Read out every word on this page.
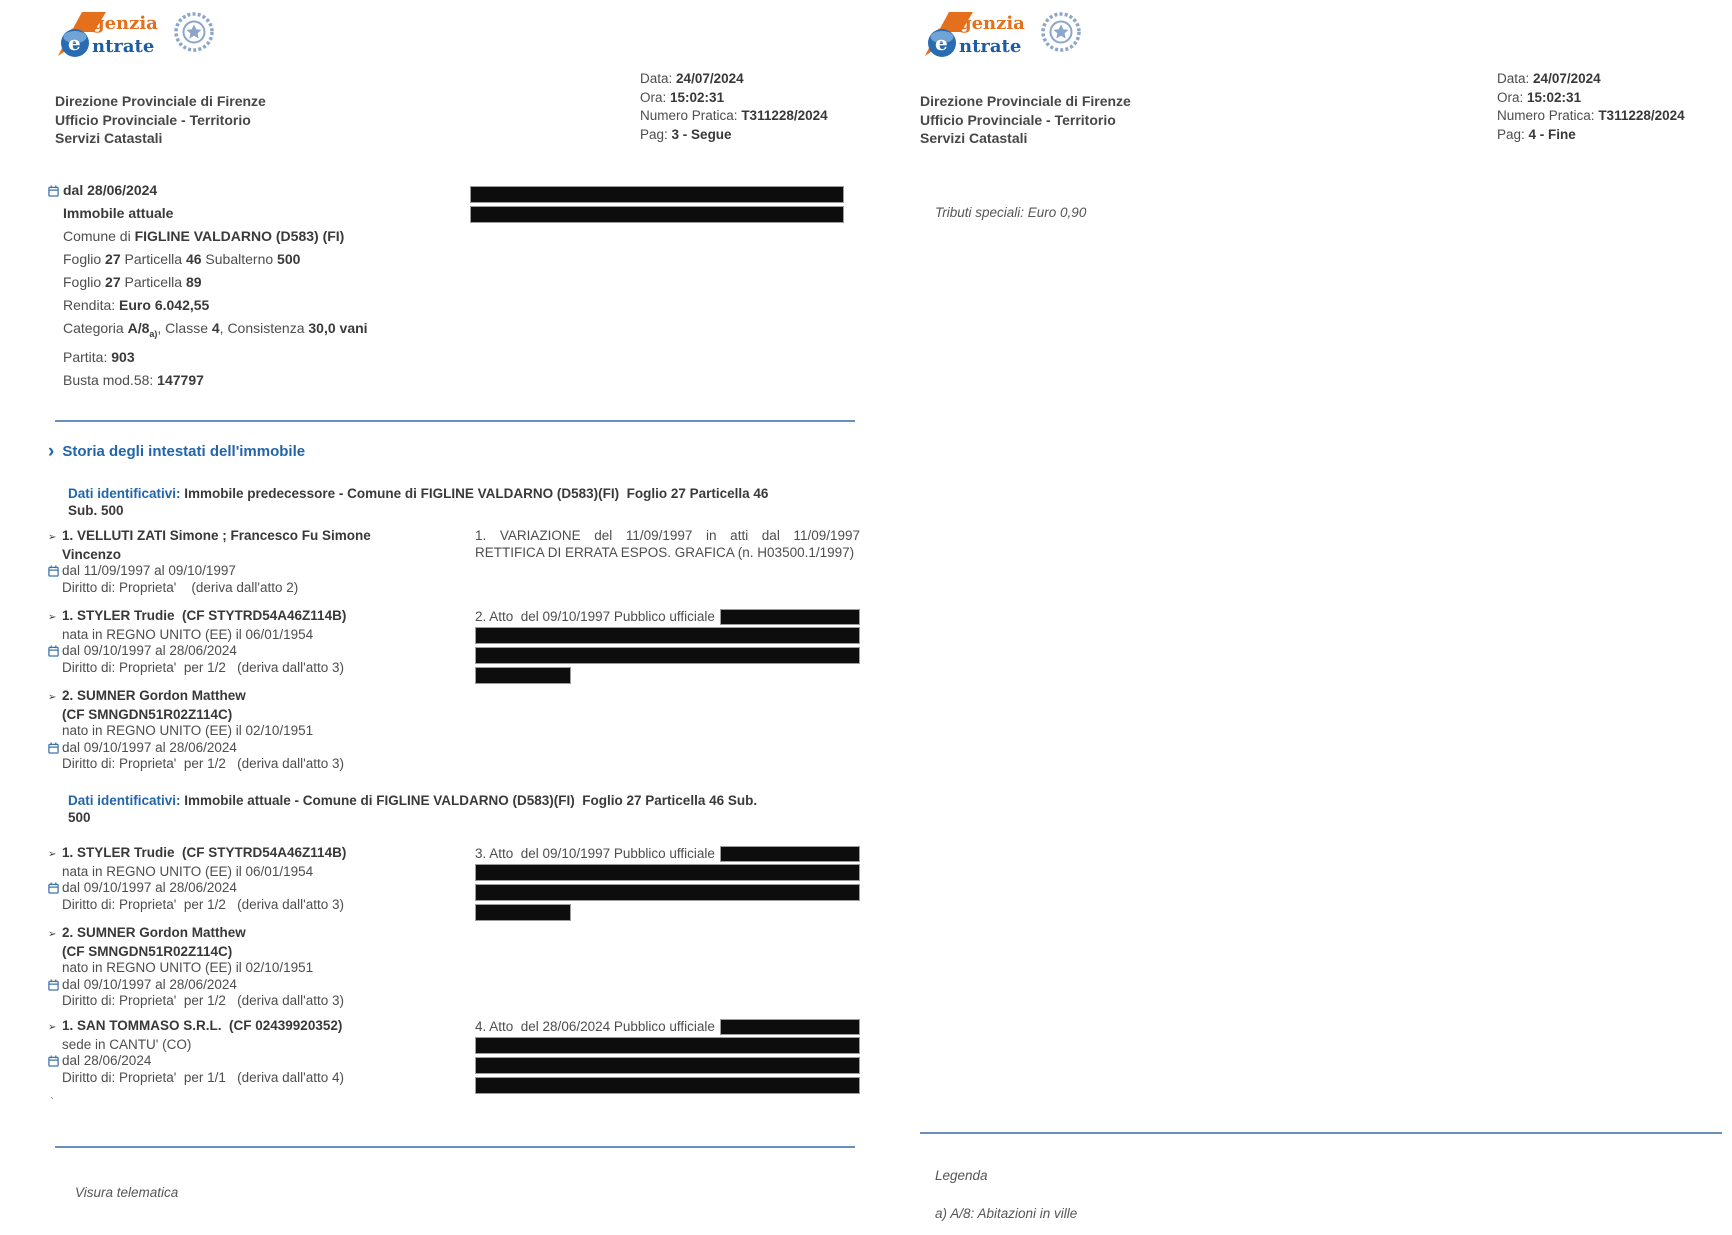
e
genzia
ntrate
Direzione Provinciale di Firenze
Ufficio Provinciale - Territorio
Servizi Catastali
Data: 24/07/2024
Ora: 15:02:31
Numero Pratica: T311228/2024
Pag: 3 - Segue
dal 28/06/2024
Immobile attuale
Comune di FIGLINE VALDARNO (D583) (FI)
Foglio 27 Particella 46 Subalterno 500
Foglio 27 Particella 89
Rendita: Euro 6.042,55
Categoria $A/8_{a)}$, Classe 4, Consistenza 30,0 vani
Partita: 903
Busta mod.58: 147797
› Storia degli intestati dell'immobile
Dati identificativi: Immobile predecessore - Comune di FIGLINE VALDARNO (D583)(FI)  Foglio 27 Particella 46 Sub. 500
➢ 1. VELLUTI ZATI Simone ; Francesco Fu Simone
Vincenzo
dal 11/09/1997 al 09/10/1997
Diritto di: Proprieta'    (deriva dall'atto 2)
1. VARIAZIONE del 11/09/1997 in atti dal 11/09/1997 RETTIFICA DI ERRATA ESPOS. GRAFICA (n. H03500.1/1997)
➢ 1. STYLER Trudie  (CF STYTRD54A46Z114B)
nata in REGNO UNITO (EE) il 06/01/1954
dal 09/10/1997 al 28/06/2024
Diritto di: Proprieta'  per 1/2   (deriva dall'atto 3)
2. Atto  del 09/10/1997 Pubblico ufficiale
➢ 2. SUMNER Gordon Matthew
(CF SMNGDN51R02Z114C)
nato in REGNO UNITO (EE) il 02/10/1951
dal 09/10/1997 al 28/06/2024
Diritto di: Proprieta'  per 1/2   (deriva dall'atto 3)
Dati identificativi: Immobile attuale - Comune di FIGLINE VALDARNO (D583)(FI)  Foglio 27 Particella 46 Sub. 500
➢ 1. STYLER Trudie  (CF STYTRD54A46Z114B)
nata in REGNO UNITO (EE) il 06/01/1954
dal 09/10/1997 al 28/06/2024
Diritto di: Proprieta'  per 1/2   (deriva dall'atto 3)
3. Atto  del 09/10/1997 Pubblico ufficiale
➢ 2. SUMNER Gordon Matthew
(CF SMNGDN51R02Z114C)
nato in REGNO UNITO (EE) il 02/10/1951
dal 09/10/1997 al 28/06/2024
Diritto di: Proprieta'  per 1/2   (deriva dall'atto 3)
➢ 1. SAN TOMMASO S.R.L.  (CF 02439920352)
sede in CANTU' (CO)
dal 28/06/2024
Diritto di: Proprieta'  per 1/1   (deriva dall'atto 4)
4. Atto  del 28/06/2024 Pubblico ufficiale
`
Visura telematica
e
genzia
ntrate
Direzione Provinciale di Firenze
Ufficio Provinciale - Territorio
Servizi Catastali
Data: 24/07/2024
Ora: 15:02:31
Numero Pratica: T311228/2024
Pag: 4 - Fine
Tributi speciali: Euro 0,90
Legenda
a) A/8: Abitazioni in ville
